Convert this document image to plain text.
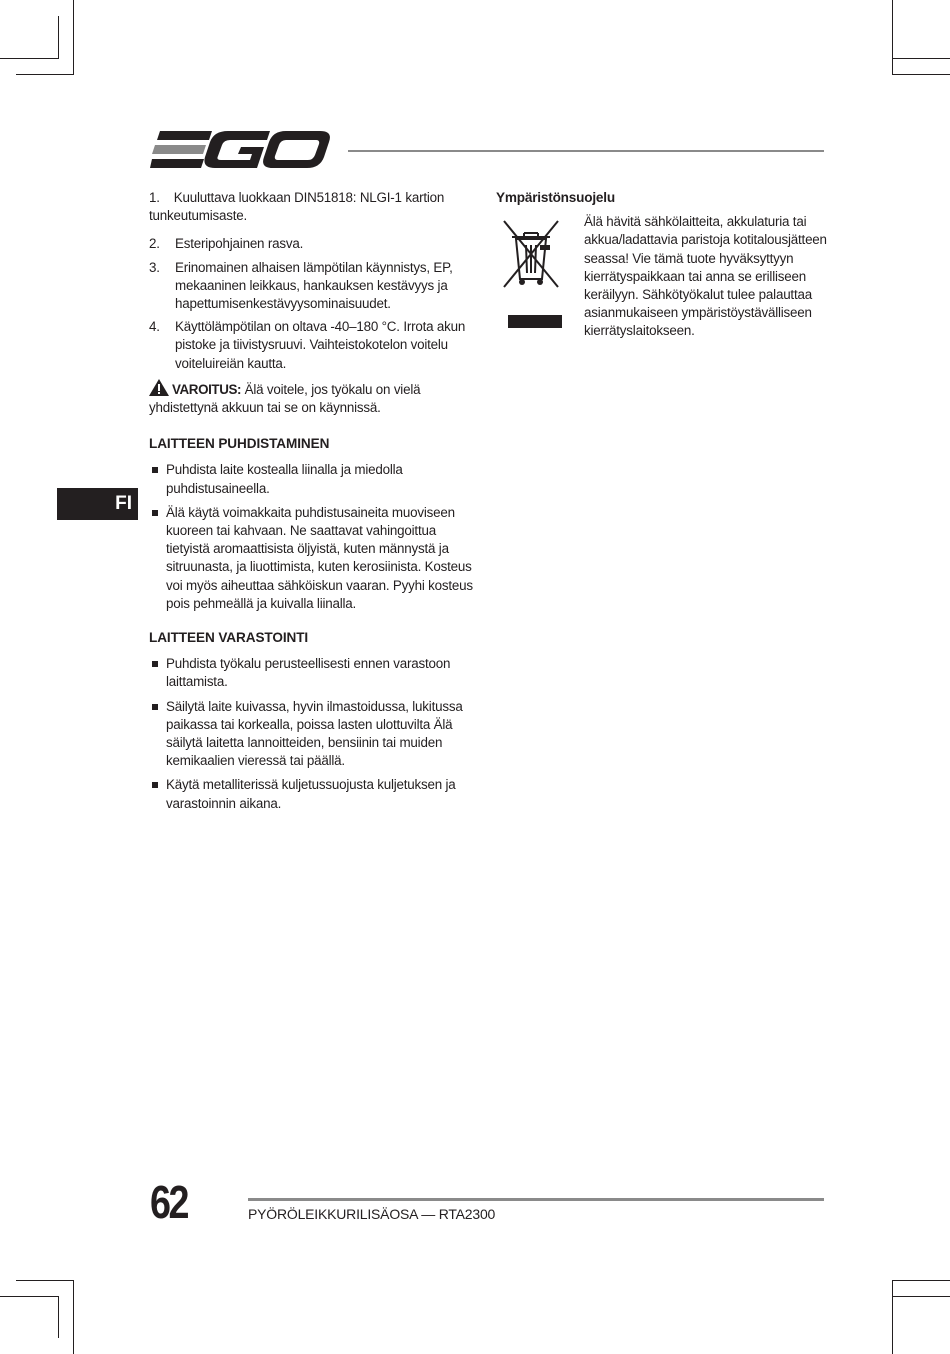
FI

1. Kuuluttava luokkaan DIN51818: NLGI-1 kartion tunkeutumisaste.

2. Esteripohjainen rasva.

3. Erinomainen alhaisen lämpötilan käynnistys, EP, mekaaninen leikkaus, hankauksen kestävyys ja hapettumisenkestävyysominaisuudet.

4. Käyttölämpötilan on oltava -40–180 °C. Irrota akun pistoke ja tiivistysruuvi. Vaihteistokotelon voitelu voiteluireiän kautta.

VAROITUS: Älä voitele, jos työkalu on vielä yhdistettynä akkuun tai se on käynnissä.

LAITTEEN PUHDISTAMINEN

Puhdista laite kostealla liinalla ja miedolla puhdistusaineella.

Älä käytä voimakkaita puhdistusaineita muoviseen kuoreen tai kahvaan. Ne saattavat vahingoittua tietyistä aromaattisista öljyistä, kuten männystä ja sitruunasta, ja liuottimista, kuten kerosiinista. Kosteus voi myös aiheuttaa sähköiskun vaaran. Pyyhi kosteus pois pehmeällä ja kuivalla liinalla.

LAITTEEN VARASTOINTI

Puhdista työkalu perusteellisesti ennen varastoon laittamista.

Säilytä laite kuivassa, hyvin ilmastoidussa, lukitussa paikassa tai korkealla, poissa lasten ulottuvilta Älä säilytä laitetta lannoitteiden, bensiinin tai muiden kemikaalien vieressä tai päällä.

Käytä metalliterissä kuljetussuojusta kuljetuksen ja varastoinnin aikana.

Ympäristönsuojelu

Älä hävitä sähkölaitteita, akkulaturia tai akkua/ladattavia paristoja kotitalousjätteen seassa! Vie tämä tuote hyväksyttyyn kierrätyspaikkaan tai anna se erilliseen keräilyyn. Sähkötyökalut tulee palauttaa asianmukaiseen ympäristöystävälliseen kierrätyslaitokseen.

62	PYÖRÖLEIKKURILISÄOSA — RTA2300
